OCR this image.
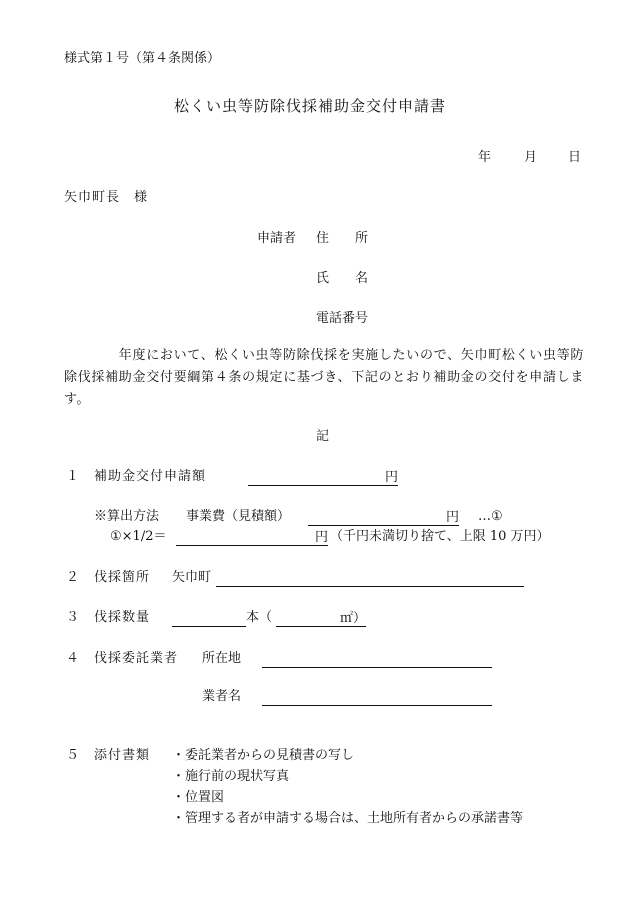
様式第１号（第４条関係）
松くい虫等防除伐採補助金交付申請書
年	月 日
矢巾町長　様
申請者 住　　所
氏　　名
電話番号
　　　　年度において、松くい虫等防除伐採を実施したいので、矢巾町松くい虫等防除伐採補助金交付要綱第４条の規定に基づき、下記のとおり補助金の交付を申請します。
記
１ 補助金交付申請額	円
※算出方法 事業費（見積額）	円 …①
①×1/2＝	円 （千円未満切り捨て、上限 10 万円）
２ 伐採箇所 矢巾町
３ 伐採数量	本（	㎡）
４ 伐採委託業者 所在地
業者名
５ 添付書類 ・委託業者からの見積書の写し
・施行前の現状写真
・位置図
・管理する者が申請する場合は、土地所有者からの承諾書等
